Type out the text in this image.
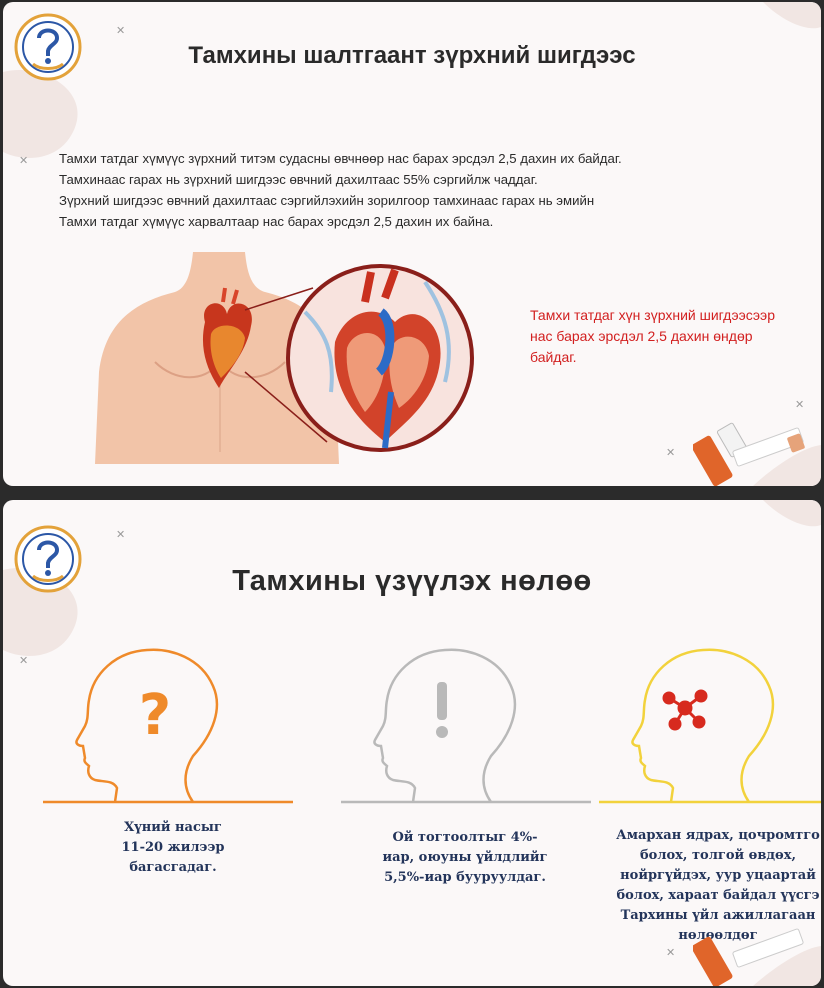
Тамхины шалтгаант зүрхний шигдээс
✕
✕
✕
✕
Тамхи татдаг хүмүүс зүрхний титэм судасны өвчнөөр нас барах эрсдэл 2,5 дахин их байдаг.
Тамхинаас гарах нь зүрхний шигдээс өвчний дахилтаас 55% сэргийлж чаддаг.
Зүрхний шигдээс өвчний дахилтаас сэргийлэхийн зорилгоор тамхинаас гарах нь эмийн
Тамхи татдаг хүмүүс харвалтаар нас барах эрсдэл 2,5 дахин их байна.
Тамхи татдаг хүн зүрхний шигдээсээр нас барах эрсдэл 2,5 дахин өндөр байдаг.
Тамхины үзүүлэх нөлөө
✕
✕
✕
?
Хүний насыг
11-20 жилээр
багасгадаг.
Ой тогтоолтыг 4%-
иар, оюуны үйлдлийг
5,5%-иар бууруулдаг.
Амархан ядрах, цочромтго
болох, толгой өвдөх,
нойргүйдэх, уур уцаартай
болох, хараат байдал үүсгэ
Тархины үйл ажиллагаан
нөлөөлдөг
